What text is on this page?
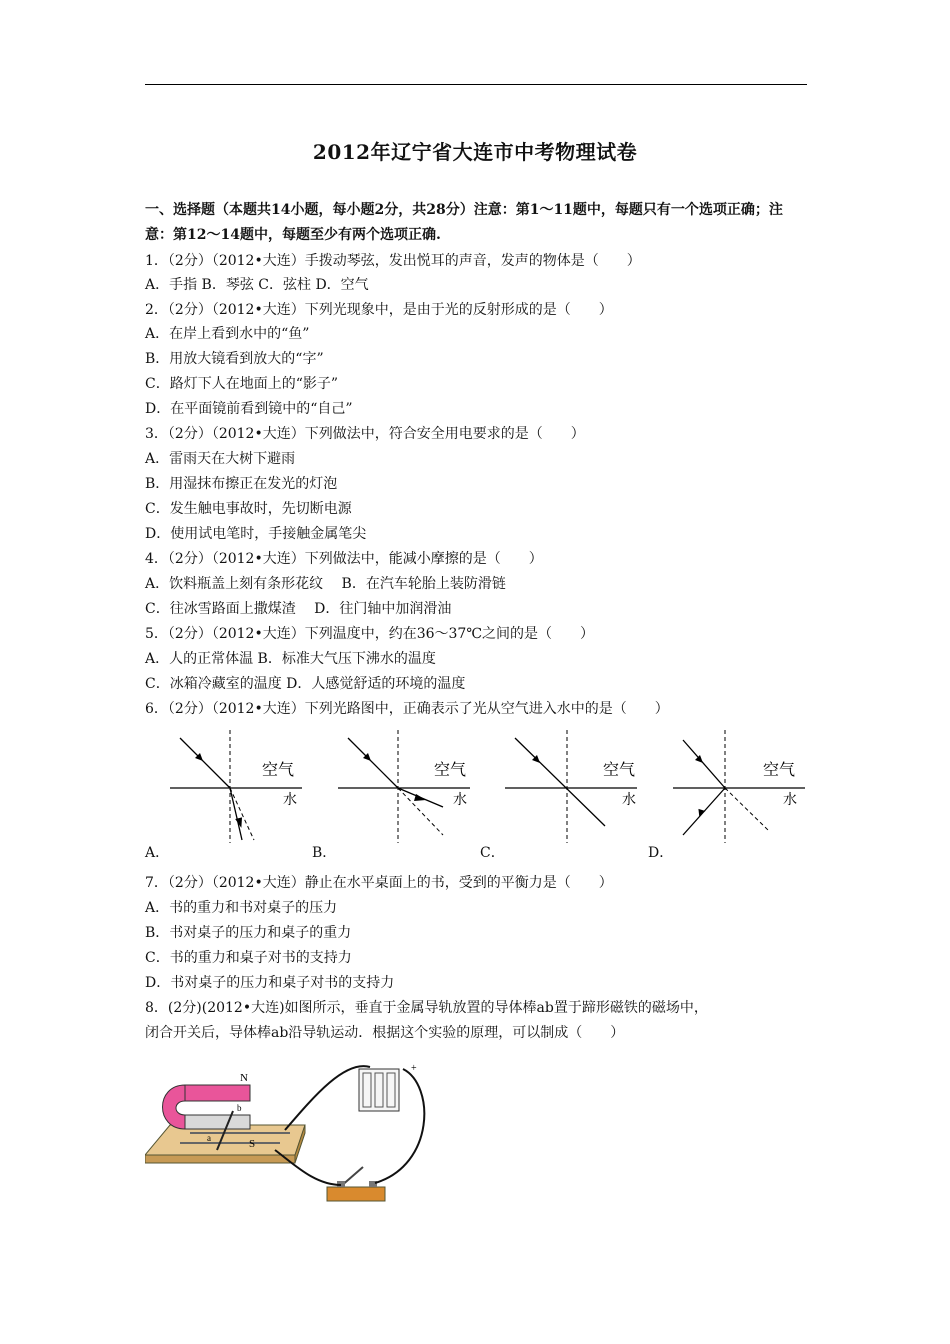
2012年辽宁省大连市中考物理试卷
一、选择题（本题共14小题，每小题2分，共28分）注意：第1～11题中，每题只有一个选项正确；注意：第12～14题中，每题至少有两个选项正确.
1．（2分）（2012•大连）手拨动琴弦，发出悦耳的声音，发声的物体是（　　）
A．手指 B．琴弦 C．弦柱 D．空气
2．（2分）（2012•大连）下列光现象中，是由于光的反射形成的是（　　）
A．在岸上看到水中的“鱼”
B．用放大镜看到放大的“字”
C．路灯下人在地面上的“影子”
D．在平面镜前看到镜中的“自己”
3．（2分）（2012•大连）下列做法中，符合安全用电要求的是（　　）
A．雷雨天在大树下避雨
B．用湿抹布擦正在发光的灯泡
C．发生触电事故时，先切断电源
D．使用试电笔时，手接触金属笔尖
4．（2分）（2012•大连）下列做法中，能减小摩擦的是（　　）
A．饮料瓶盖上刻有条形花纹　 B．在汽车轮胎上装防滑链
C．往冰雪路面上撒煤渣　 D．往门轴中加润滑油
5．（2分）（2012•大连）下列温度中，约在36～37℃之间的是（　　）
A．人的正常体温 B．标准大气压下沸水的温度
C．冰箱冷藏室的温度 D．人感觉舒适的环境的温度
6．（2分）（2012•大连）下列光路图中，正确表示了光从空气进入水中的是（　　）
空气
水
空气
水
空气
水
空气
水
A．	B．	C．	D．
7．（2分）（2012•大连）静止在水平桌面上的书，受到的平衡力是（　　）
A．书的重力和书对桌子的压力
B．书对桌子的压力和桌子的重力
C．书的重力和桌子对书的支持力
D．书对桌子的压力和桌子对书的支持力
8．(2分)(2012•大连)如图所示，垂直于金属导轨放置的导体棒ab置于蹄形磁铁的磁场中，
闭合开关后，导体棒ab沿导轨运动．根据这个实验的原理，可以制成（　　）
N
S
a
b
+
